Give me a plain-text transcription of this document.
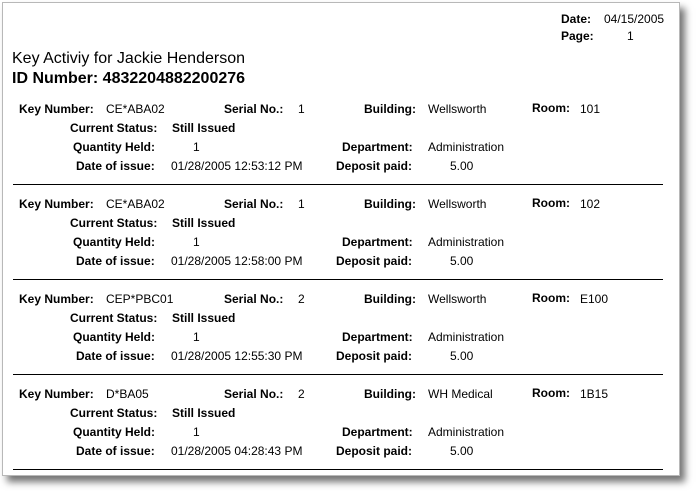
Date: 04/15/2005
Page:	1
Key Activiy for Jackie Henderson
ID Number: 4832204882200276
Key Number: CE*ABA02	Serial No.: 1	Building: Wellsworth	Room: 101
Current Status: Still Issued
Quantity Held:	1	Department: Administration
Date of issue: 01/28/2005 12:53:12 PM	Deposit paid:	5.00
Key Number: CE*ABA02	Serial No.: 1	Building: Wellsworth	Room: 102
Current Status: Still Issued
Quantity Held:	1	Department: Administration
Date of issue: 01/28/2005 12:58:00 PM	Deposit paid:	5.00
Key Number: CEP*PBC01	Serial No.: 2	Building: Wellsworth	Room: E100
Current Status: Still Issued
Quantity Held:	1	Department: Administration
Date of issue: 01/28/2005 12:55:30 PM	Deposit paid:	5.00
Key Number: D*BA05	Serial No.: 2	Building: WH Medical	Room: 1B15
Current Status: Still Issued
Quantity Held:	1	Department: Administration
Date of issue: 01/28/2005 04:28:43 PM	Deposit paid:	5.00
